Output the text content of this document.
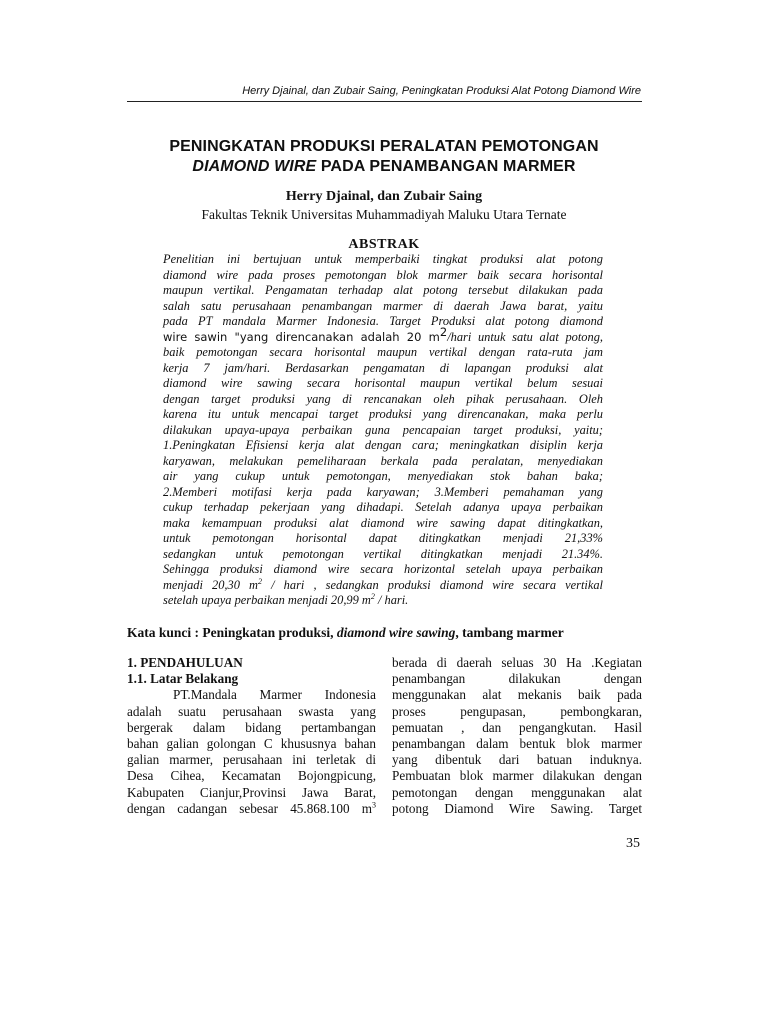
Herry Djainal, dan Zubair Saing, Peningkatan Produksi Alat Potong Diamond Wire
PENINGKATAN PRODUKSI PERALATAN PEMOTONGAN
DIAMOND WIRE PADA PENAMBANGAN MARMER
Herry Djainal, dan Zubair Saing
Fakultas Teknik Universitas Muhammadiyah Maluku Utara Ternate
ABSTRAK
Penelitian ini bertujuan untuk memperbaiki tingkat produksi alat potong
diamond wire pada proses pemotongan blok marmer baik secara horisontal
maupun vertikal. Pengamatan terhadap alat potong tersebut dilakukan pada
salah satu perusahaan penambangan marmer di daerah Jawa barat, yaitu
pada PT mandala Marmer Indonesia. Target Produksi alat potong diamond
wire sawin "yang direncanakan adalah 20 $m^2$/hari untuk satu alat potong,
baik pemotongan secara horisontal maupun vertikal dengan rata-ruta jam
kerja 7 jam/hari. Berdasarkan pengamatan di lapangan produksi alat
diamond wire sawing secara horisontal maupun vertikal belum sesuai
dengan target produksi yang di rencanakan oleh pihak perusahaan. Oleh
karena itu untuk mencapai target produksi yang direncanakan, maka perlu
dilakukan upaya-upaya perbaikan guna pencapaian target produksi, yaitu;
1.Peningkatan Efisiensi kerja alat dengan cara; meningkatkan disiplin kerja
karyawan, melakukan pemeliharaan berkala pada peralatan, menyediakan
air yang cukup untuk pemotongan, menyediakan stok bahan baka;
2.Memberi motifasi kerja pada karyawan; 3.Memberi pemahaman yang
cukup terhadap pekerjaan yang dihadapi. Setelah adanya upaya perbaikan
maka kemampuan produksi alat diamond wire sawing dapat ditingkatkan,
untuk pemotongan horisontal dapat ditingkatkan menjadi 21,33%
sedangkan untuk pemotongan vertikal ditingkatkan menjadi 21.34%.
Sehingga produksi diamond wire secara horizontal setelah upaya perbaikan
menjadi 20,30 $m^2$ / hari , sedangkan produksi diamond wire secara vertikal
setelah upaya perbaikan menjadi 20,99 $m^2$ / hari.
Kata kunci : Peningkatan produksi, diamond wire sawing, tambang marmer
1. PENDAHULUAN
1.1. Latar Belakang
PT.Mandala Marmer Indonesia
adalah suatu perusahaan swasta yang
bergerak dalam bidang pertambangan
bahan galian golongan C khususnya bahan
galian marmer, perusahaan ini terletak di
Desa Cihea, Kecamatan Bojongpicung,
Kabupaten Cianjur,Provinsi Jawa Barat,
dengan cadangan sebesar 45.868.100 $m^3$
berada di daerah seluas 30 Ha .Kegiatan
penambangan dilakukan dengan
menggunakan alat mekanis baik pada
proses pengupasan, pembongkaran,
pemuatan , dan pengangkutan. Hasil
penambangan dalam bentuk blok marmer
yang dibentuk dari batuan induknya.
Pembuatan blok marmer dilakukan dengan
pemotongan dengan menggunakan alat
potong Diamond Wire Sawing. Target
35
